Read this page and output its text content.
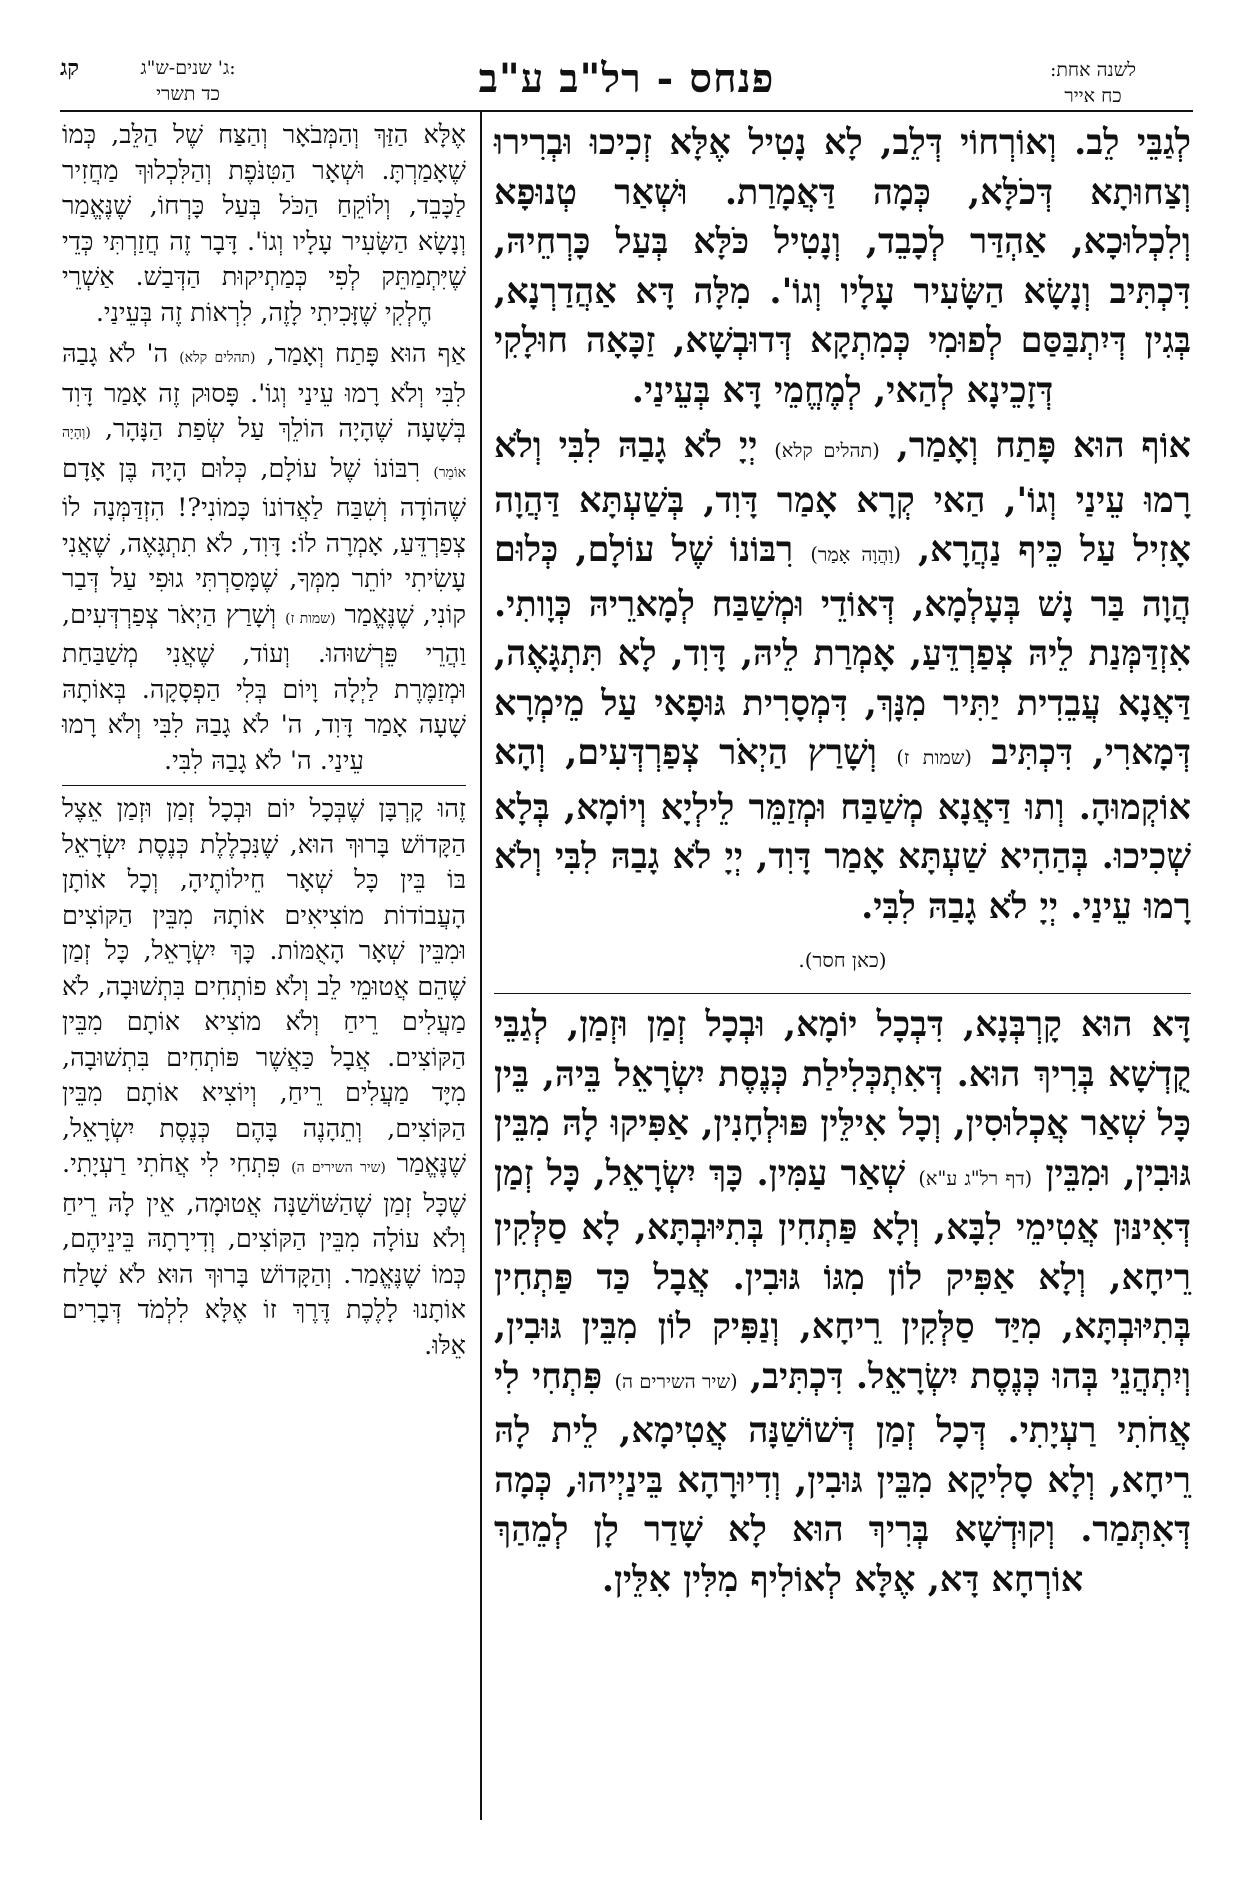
קג	ג' שנים-ש"ג:
כד תשרי	פנחס - רל"ב ע"ב	לשנה אחת:
כח אייר

לְגַבֵּי לֵב. וְאוֹרְחוֹי דְּלֵב, לָא נָטִיל אֶלָּא זְכִיכוּ וּבְרִירוּ וְצַחוּתָא דְּכֹלָּא, כְּמָה דַּאֲמָרַת. וּשְׁאַר טְנוּפָא וְלִכְלוּכָא, אַהְדַּר לְכָבֵד, וְנָטִיל כֹּלָּא בְּעַל כָּרְחֵיהּ, דִּכְתִּיב וְנָשָׂא הַשָּׂעִיר עָלָיו וְגוֹ'. מִלָּה דָּא אַהֲדַרְנָא, בְּגִין דְּיִתְבַּסַּם לְפוּמִי כְּמִתְקָא דְּדוּבְשָׁא, זַכָּאָה חוּלָקִי דְּזָכֵינָא לְהַאי, לְמֶחֱמֵי דָּא בְּעֵינַי.

אוֹף הוּא פָּתַח וְאָמַר, (תהלים קלא) יְיָ לֹא גָבַהּ לִבִּי וְלֹא רָמוּ עֵינַי וְגוֹ', הַאי קְרָא אָמַר דָּוִד, בְּשַׁעְתָּא דַּהֲוָה אָזִיל עַל כֵּיף נַהֲרָא, (וַהֲוָה אָמַר) רִבּוֹנוֹ שֶׁל עוֹלָם, כְּלוּם הֲוָה בַּר נָשׁ בְּעָלְמָא, דְּאוֹדֵי וּמְשַׁבַּח לְמָארֵיהּ כְּוָותִי. אִזְדַּמְּנַת לֵיהּ צְפַרְדֵּעַ, אָמְרַת לֵיהּ, דָּוִד, לָא תִּתְגָּאֶה, דַּאֲנָא עֲבֵדִית יַתִּיר מִנָּךְ, דִּמְסָרִית גּוּפָאי עַל מֵימְרָא דְּמָארִי, דִּכְתִּיב (שמות ז) וְשָׁרַץ הַיְאֹר צְפַרְדְּעִים, וְהָא אוֹקְמוּהָ. וְתוּ דַּאֲנָא מְשַׁבַּח וּמְזַמֵּר לֵילְיָא וְיוֹמָא, בְּלָא שְׁכִיכוּ. בְּהַהִיא שַׁעְתָּא אָמַר דָּוִד, יְיָ לֹא גָבַהּ לִבִּי וְלֹא רָמוּ עֵינַי. יְיָ לֹא גָבַהּ לִבִּי.

(כאן חסר).

דָּא הוּא קָרְבְּנָא, דִּבְכָל יוֹמָא, וּבְכָל זְמַן וּזְמַן, לְגַבֵּי קֻדְשָׁא בְּרִיךְ הוּא. דְּאִתְכְּלִילַת כְּנֶסֶת יִשְׂרָאֵל בֵּיהּ, בֵּין כָּל שְׁאַר אֲכְלוּסִין, וְכָל אִילֵּין פּוּלְחָנִין, אַפִּיקוּ לָהּ מִבֵּין גּוּבִין, וּמִבֵּין (דף רל"ג ע"א) שְׁאַר עַמִּין. כָּךְ יִשְׂרָאֵל, כָּל זְמַן דְּאִינּוּן אֲטִימֵי לִבָּא, וְלָא פַּתְחִין בְּתִיּוּבְתָּא, לָא סַלְּקִין רֵיחָא, וְלָא אַפִּיק לוֹן מִגּוֹ גּוּבִין. אֲבָל כַּד פַּתְחִין בְּתִיּוּבְתָּא, מִיַּד סַלְּקִין רֵיחָא, וְנַפִּיק לוֹן מִבֵּין גּוּבִין, וְיִתְהֲנֵי בְּהוּ כְּנֶסֶת יִשְׂרָאֵל. דִּכְתִּיב, (שיר השירים ה) פִּתְחִי לִי אֲחֹתִי רַעְיָתִי. דְּכָל זְמַן דְּשׁוֹשַׁנָּה אֲטִימָא, לֵית לָהּ רֵיחָא, וְלָא סָלִיקָא מִבֵּין גּוּבִין, וְדִיוּרָהָא בֵּינַיְיהוּ, כְּמָה דְּאִתְּמַר. וְקוּדְשָׁא בְּרִיךְ הוּא לָא שָׁדַר לָן לְמֵהַךְ אוֹרְחָא דָּא, אֶלָּא לְאוֹלִיף מִלִּין אִלֵּין.

אֶלָּא הַזַּךְ וְהַמְּבֹאָר וְהַצַּח שֶׁל הַלֵּב, כְּמוֹ שֶׁאָמַרְתָּ. וּשְׁאָר הַטִּנֹּפֶת וְהַלִּכְלוּךְ מַחֲזִיר לַכָּבֵד, וְלוֹקֵחַ הַכֹּל בְּעַל כָּרְחוֹ, שֶׁנֶּאֱמַר וְנָשָׂא הַשָּׂעִיר עָלָיו וְגוֹ'. דָּבָר זֶה חֲזַרְתִּי כְּדֵי שֶׁיִּתְמַתֵּק לְפִי כְּמַתְיקוּת הַדְּבַשׁ. אַשְׁרֵי חֶלְקִי שֶׁזָּכִיתִי לָזֶה, לִרְאוֹת זֶה בְּעֵינַי.

אַף הוּא פָּתַח וְאָמַר, (תהלים קלא) ה' לֹא גָבַהּ לִבִּי וְלֹא רָמוּ עֵינַי וְגוֹ'. פָּסוּק זֶה אָמַר דָּוִד בְּשָׁעָה שֶׁהָיָה הוֹלֵךְ עַל שְׂפַת הַנָּהָר, (וְהָיָה אוֹמֵר) רִבּוֹנוֹ שֶׁל עוֹלָם, כְּלוּם הָיָה בֶּן אָדָם שֶׁהוֹדָה וְשִׁבַּח לַאֲדוֹנוֹ כָּמוֹנִי?! הִזְדַּמְּנָה לוֹ צְפַרְדֵּעַ, אָמְרָה לוֹ: דָּוִד, לֹא תִתְגָּאֶה, שֶׁאֲנִי עָשִׂיתִי יוֹתֵר מִמְּךָ, שֶׁמָּסַרְתִּי גוּפִי עַל דְּבַר קוֹנִי, שֶׁנֶּאֱמַר (שמות ז) וְשָׁרַץ הַיְאֹר צְפַרְדְּעִים, וַהֲרֵי פֵּרְשׁוּהוּ. וְעוֹד, שֶׁאֲנִי מְשַׁבַּחַת וּמְזַמֶּרֶת לַיְלָה וָיוֹם בְּלִי הַפְסָקָה. בְּאוֹתָהּ שָׁעָה אָמַר דָּוִד, ה' לֹא גָבַהּ לִבִּי וְלֹא רָמוּ עֵינַי. ה' לֹא גָבַהּ לִבִּי.

זֶהוּ קָרְבָּן שֶׁבְּכָל יוֹם וּבְכָל זְמַן וּזְמַן אֵצֶל הַקָּדוֹשׁ בָּרוּךְ הוּא, שֶׁנִּכְלֶלֶת כְּנֶסֶת יִשְׂרָאֵל בּוֹ בֵּין כָּל שְׁאָר חֵילוֹתֶיהָ, וְכָל אוֹתָן הָעֲבוֹדוֹת מוֹצִיאִים אוֹתָהּ מִבֵּין הַקּוֹצִים וּמִבֵּין שְׁאָר הָאֻמּוֹת. כָּךְ יִשְׂרָאֵל, כָּל זְמַן שֶׁהֵם אֲטוּמֵי לֵב וְלֹא פוֹתְחִים בִּתְשׁוּבָה, לֹא מַעֲלִים רֵיחַ וְלֹא מוֹצִיא אוֹתָם מִבֵּין הַקּוֹצִים. אֲבָל כַּאֲשֶׁר פּוֹתְחִים בִּתְשׁוּבָה, מִיָּד מַעֲלִים רֵיחַ, וְיוֹצִיא אוֹתָם מִבֵּין הַקּוֹצִים, וְתֵהָנֶה בָּהֶם כְּנֶסֶת יִשְׂרָאֵל, שֶׁנֶּאֱמַר (שיר השירים ה) פִּתְחִי לִי אֲחֹתִי רַעְיָתִי. שֶׁכָּל זְמַן שֶׁהַשּׁוֹשַׁנָּה אֲטוּמָה, אֵין לָהּ רֵיחַ וְלֹא עוֹלָה מִבֵּין הַקּוֹצִים, וְדִירָתָהּ בֵּינֵיהֶם, כְּמוֹ שֶׁנֶּאֱמַר. וְהַקָּדוֹשׁ בָּרוּךְ הוּא לֹא שָׁלַח אוֹתָנוּ לָלֶכֶת דֶּרֶךְ זוֹ אֶלָּא לִלְמֹד דְּבָרִים אֵלּוּ.
